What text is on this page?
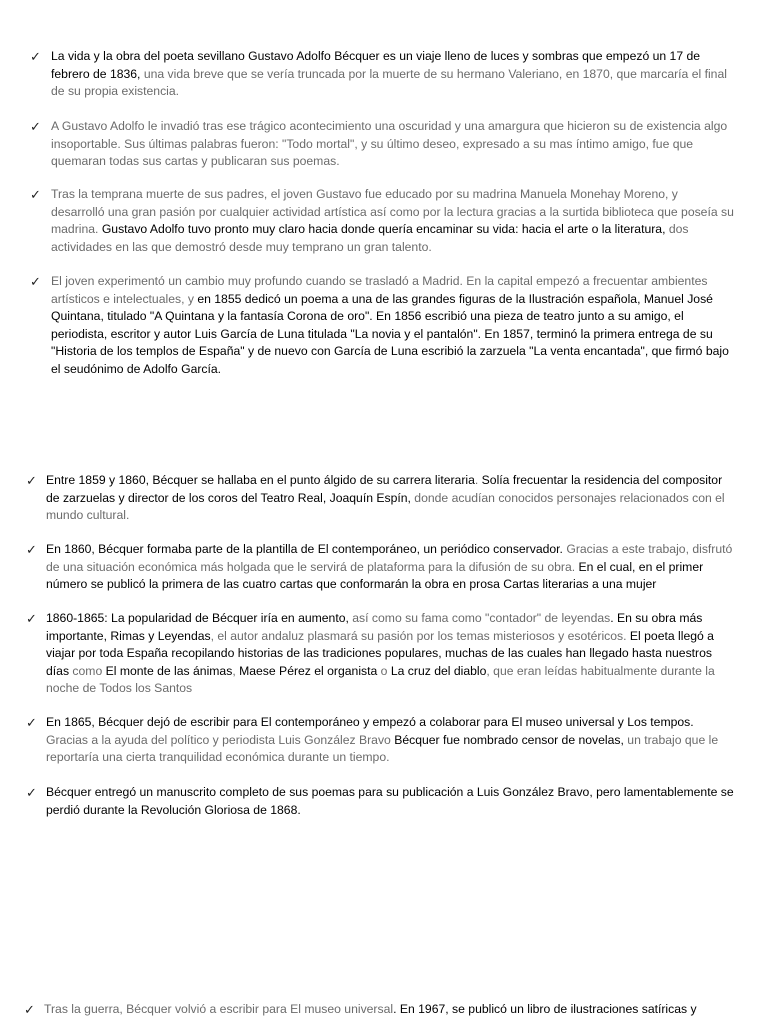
✓ La vida y la obra del poeta sevillano Gustavo Adolfo Bécquer es un viaje lleno de luces y sombras que empezó un 17 de febrero de 1836, una vida breve que se vería truncada por la muerte de su hermano Valeriano, en 1870, que marcaría el final de su propia existencia.
✓ A Gustavo Adolfo le invadió tras ese trágico acontecimiento una oscuridad y una amargura que hicieron su de existencia algo insoportable. Sus últimas palabras fueron: "Todo mortal", y su último deseo, expresado a su mas íntimo amigo, fue que quemaran todas sus cartas y publicaran sus poemas.
✓ Tras la temprana muerte de sus padres, el joven Gustavo fue educado por su madrina Manuela Monehay Moreno, y desarrolló una gran pasión por cualquier actividad artística así como por la lectura gracias a la surtida biblioteca que poseía su madrina. Gustavo Adolfo tuvo pronto muy claro hacia donde quería encaminar su vida: hacia el arte o la literatura, dos actividades en las que demostró desde muy temprano un gran talento.
✓ El joven experimentó un cambio muy profundo cuando se trasladó a Madrid. En la capital empezó a frecuentar ambientes artísticos e intelectuales, y en 1855 dedicó un poema a una de las grandes figuras de la Ilustración española, Manuel José Quintana, titulado "A Quintana y la fantasía Corona de oro". En 1856 escribió una pieza de teatro junto a su amigo, el periodista, escritor y autor Luis García de Luna titulada "La novia y el pantalón". En 1857, terminó la primera entrega de su "Historia de los templos de España" y de nuevo con García de Luna escribió la zarzuela "La venta encantada", que firmó bajo el seudónimo de Adolfo García.
✓ Entre 1859 y 1860, Bécquer se hallaba en el punto álgido de su carrera literaria. Solía frecuentar la residencia del compositor de zarzuelas y director de los coros del Teatro Real, Joaquín Espín, donde acudían conocidos personajes relacionados con el mundo cultural.
✓ En 1860, Bécquer formaba parte de la plantilla de El contemporáneo, un periódico conservador. Gracias a este trabajo, disfrutó de una situación económica más holgada que le servirá de plataforma para la difusión de su obra. En el cual, en el primer número se publicó la primera de las cuatro cartas que conformarán la obra en prosa Cartas literarias a una mujer
✓ 1860-1865: La popularidad de Bécquer iría en aumento, así como su fama como "contador" de leyendas. En su obra más importante, Rimas y Leyendas, el autor andaluz plasmará su pasión por los temas misteriosos y esotéricos. El poeta llegó a viajar por toda España recopilando historias de las tradiciones populares, muchas de las cuales han llegado hasta nuestros días como El monte de las ánimas, Maese Pérez el organista o La cruz del diablo, que eran leídas habitualmente durante la noche de Todos los Santos
✓ En 1865, Bécquer dejó de escribir para El contemporáneo y empezó a colaborar para El museo universal y Los tempos. Gracias a la ayuda del político y periodista Luis González Bravo Bécquer fue nombrado censor de novelas, un trabajo que le reportaría una cierta tranquilidad económica durante un tiempo.
✓ Bécquer entregó un manuscrito completo de sus poemas para su publicación a Luis González Bravo, pero lamentablemente se perdió durante la Revolución Gloriosa de 1868.
✓ Tras la guerra, Bécquer volvió a escribir para El museo universal. En 1967, se publicó un libro de ilustraciones satíricas y
